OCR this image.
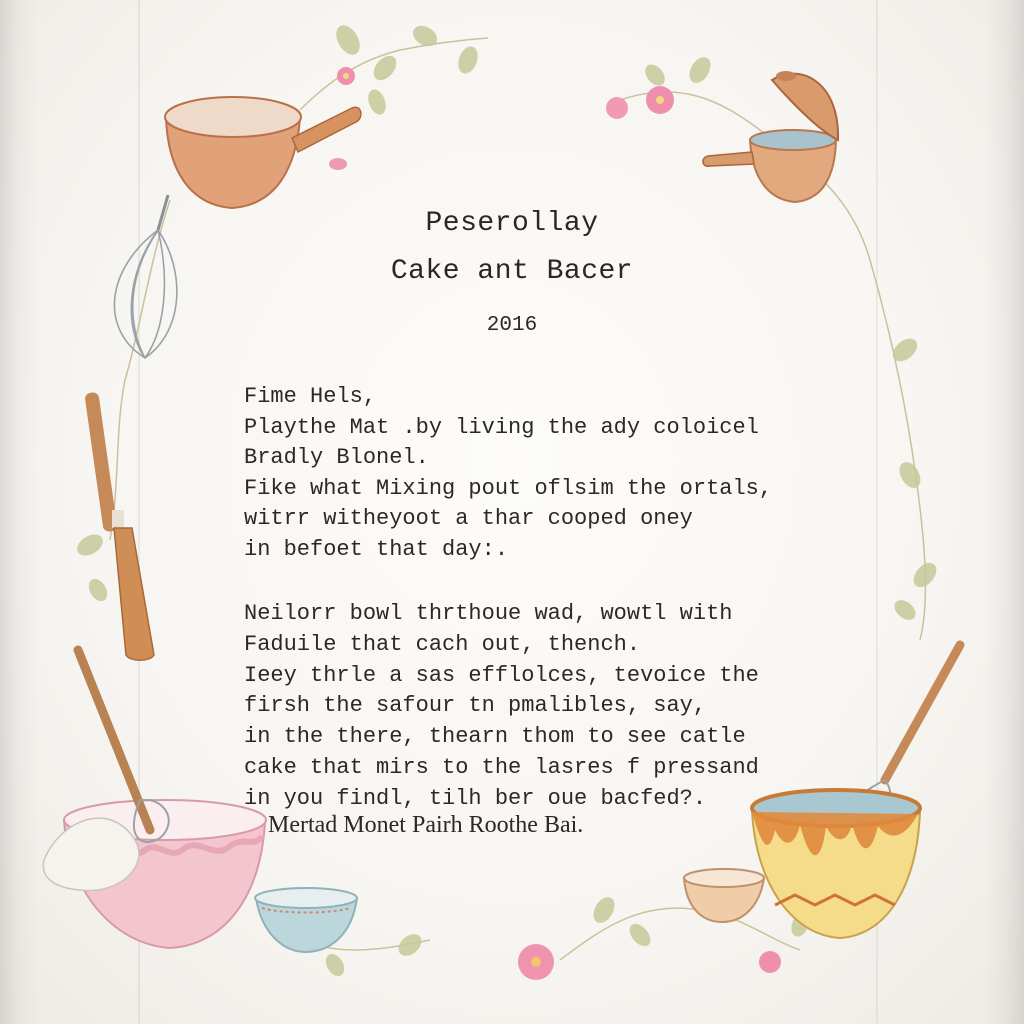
Peserollay
Cake ant Bacer
2016
Fime Hels,
Playthe Mat .by living the ady coloicel
Bradly Blonel.
Fike what Mixing pout oflsim the ortals,
witrr witheyoot a thar cooped oney
in befoet that day:.
Neilorr bowl thrthoue wad, wowtl with
Faduile that cach out, thench.
Ieey thrle a sas efflolces, tevoice the
firsh the safour tn pmalibles, say,
in the there, thearn thom to see catle
cake that mirs to the lasres f pressand
in you findl, tilh ber oue bacfed?.
Mertad Monet Pairh Roothe Bai.
